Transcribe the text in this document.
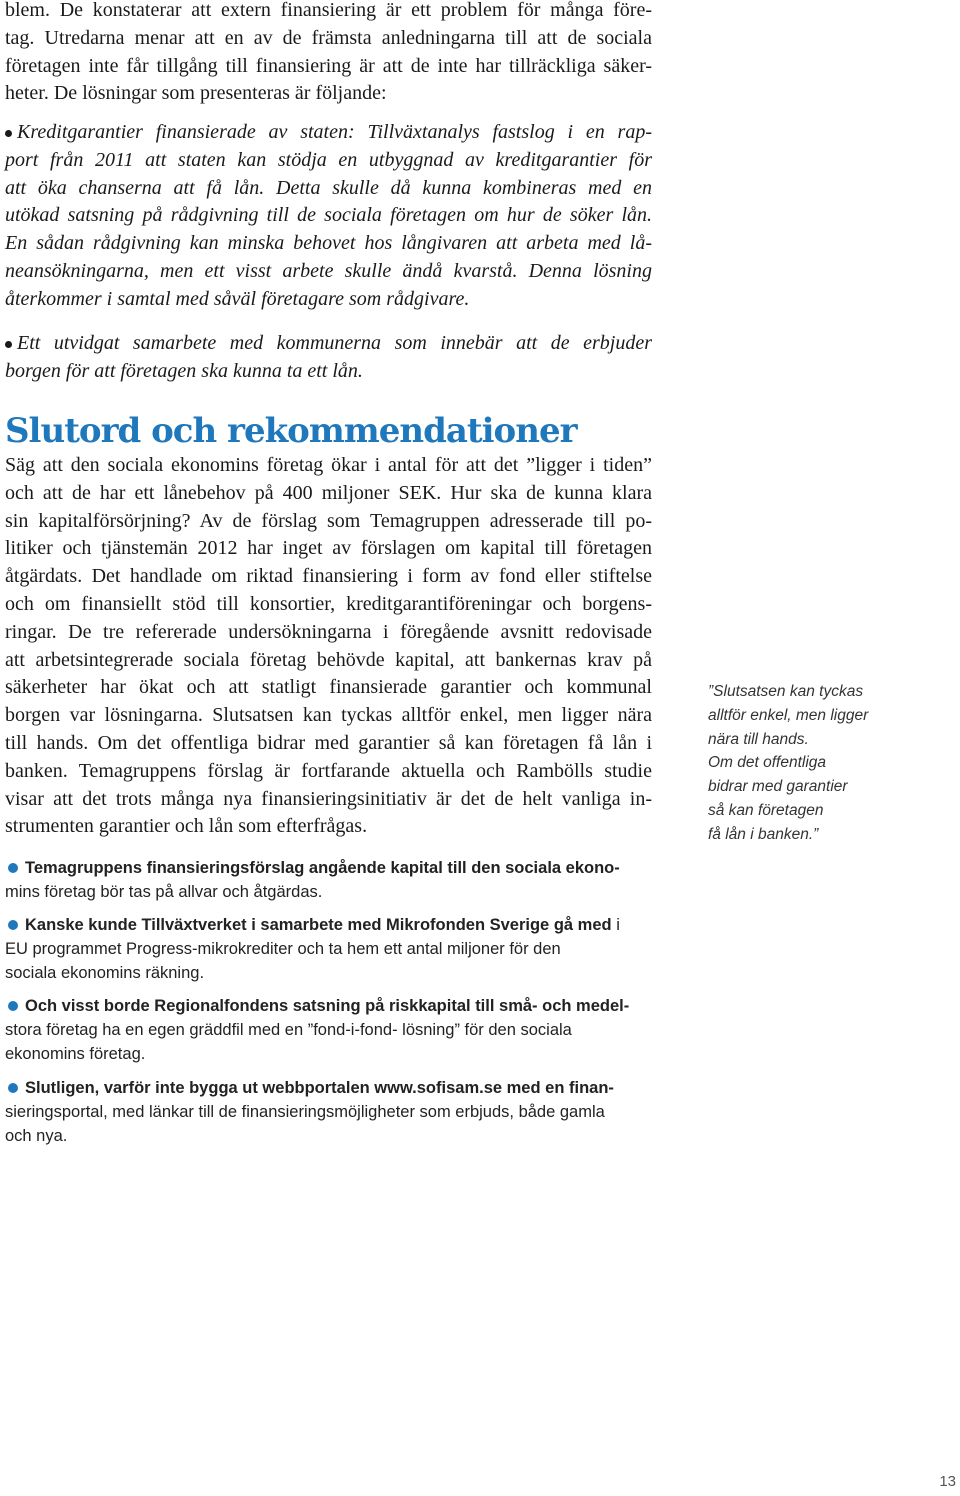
blem. De konstaterar att extern finansiering är ett problem för många före-
tag. Utredarna menar att en av de främsta anledningarna till att de sociala
företagen inte får tillgång till finansiering är att de inte har tillräckliga säker-
heter. De lösningar som presenteras är följande:
Kreditgarantier finansierade av staten: Tillväxtanalys fastslog i en rap-
port från 2011 att staten kan stödja en utbyggnad av kreditgarantier för
att öka chanserna att få lån. Detta skulle då kunna kombineras med en
utökad satsning på rådgivning till de sociala företagen om hur de söker lån.
En sådan rådgivning kan minska behovet hos långivaren att arbeta med lå-
neansökningarna, men ett visst arbete skulle ändå kvarstå. Denna lösning
återkommer i samtal med såväl företagare som rådgivare.
Ett utvidgat samarbete med kommunerna som innebär att de erbjuder
borgen för att företagen ska kunna ta ett lån.
Slutord och rekommendationer
Säg att den sociala ekonomins företag ökar i antal för att det ”ligger i tiden”
och att de har ett lånebehov på 400 miljoner SEK. Hur ska de kunna klara
sin kapitalförsörjning? Av de förslag som Temagruppen adresserade till po-
litiker och tjänstemän 2012 har inget av förslagen om kapital till företagen
åtgärdats. Det handlade om riktad finansiering i form av fond eller stiftelse
och om finansiellt stöd till konsortier, kreditgarantiföreningar och borgens-
ringar. De tre refererade undersökningarna i föregående avsnitt redovisade
att arbetsintegrerade sociala företag behövde kapital, att bankernas krav på
säkerheter har ökat och att statligt finansierade garantier och kommunal
borgen var lösningarna. Slutsatsen kan tyckas alltför enkel, men ligger nära
till hands. Om det offentliga bidrar med garantier så kan företagen få lån i
banken. Temagruppens förslag är fortfarande aktuella och Rambölls studie
visar att det trots många nya finansieringsinitiativ är det de helt vanliga in-
strumenten garantier och lån som efterfrågas.
”Slutsatsen kan tyckas
alltför enkel, men ligger
nära till hands.
Om det offentliga
bidrar med garantier
så kan företagen
få lån i banken.”
Temagruppens finansieringsförslag angående kapital till den sociala ekono-
mins företag bör tas på allvar och åtgärdas.
Kanske kunde Tillväxtverket i samarbete med Mikrofonden Sverige gå med i
EU programmet Progress-mikrokrediter och ta hem ett antal miljoner för den
sociala ekonomins räkning.
Och visst borde Regionalfondens satsning på riskkapital till små- och medel-
stora företag ha en egen gräddfil med en ”fond-i-fond- lösning” för den sociala
ekonomins företag.
Slutligen, varför inte bygga ut webbportalen www.sofisam.se med en finan-
sieringsportal, med länkar till de finansieringsmöjligheter som erbjuds, både gamla
och nya.
13
